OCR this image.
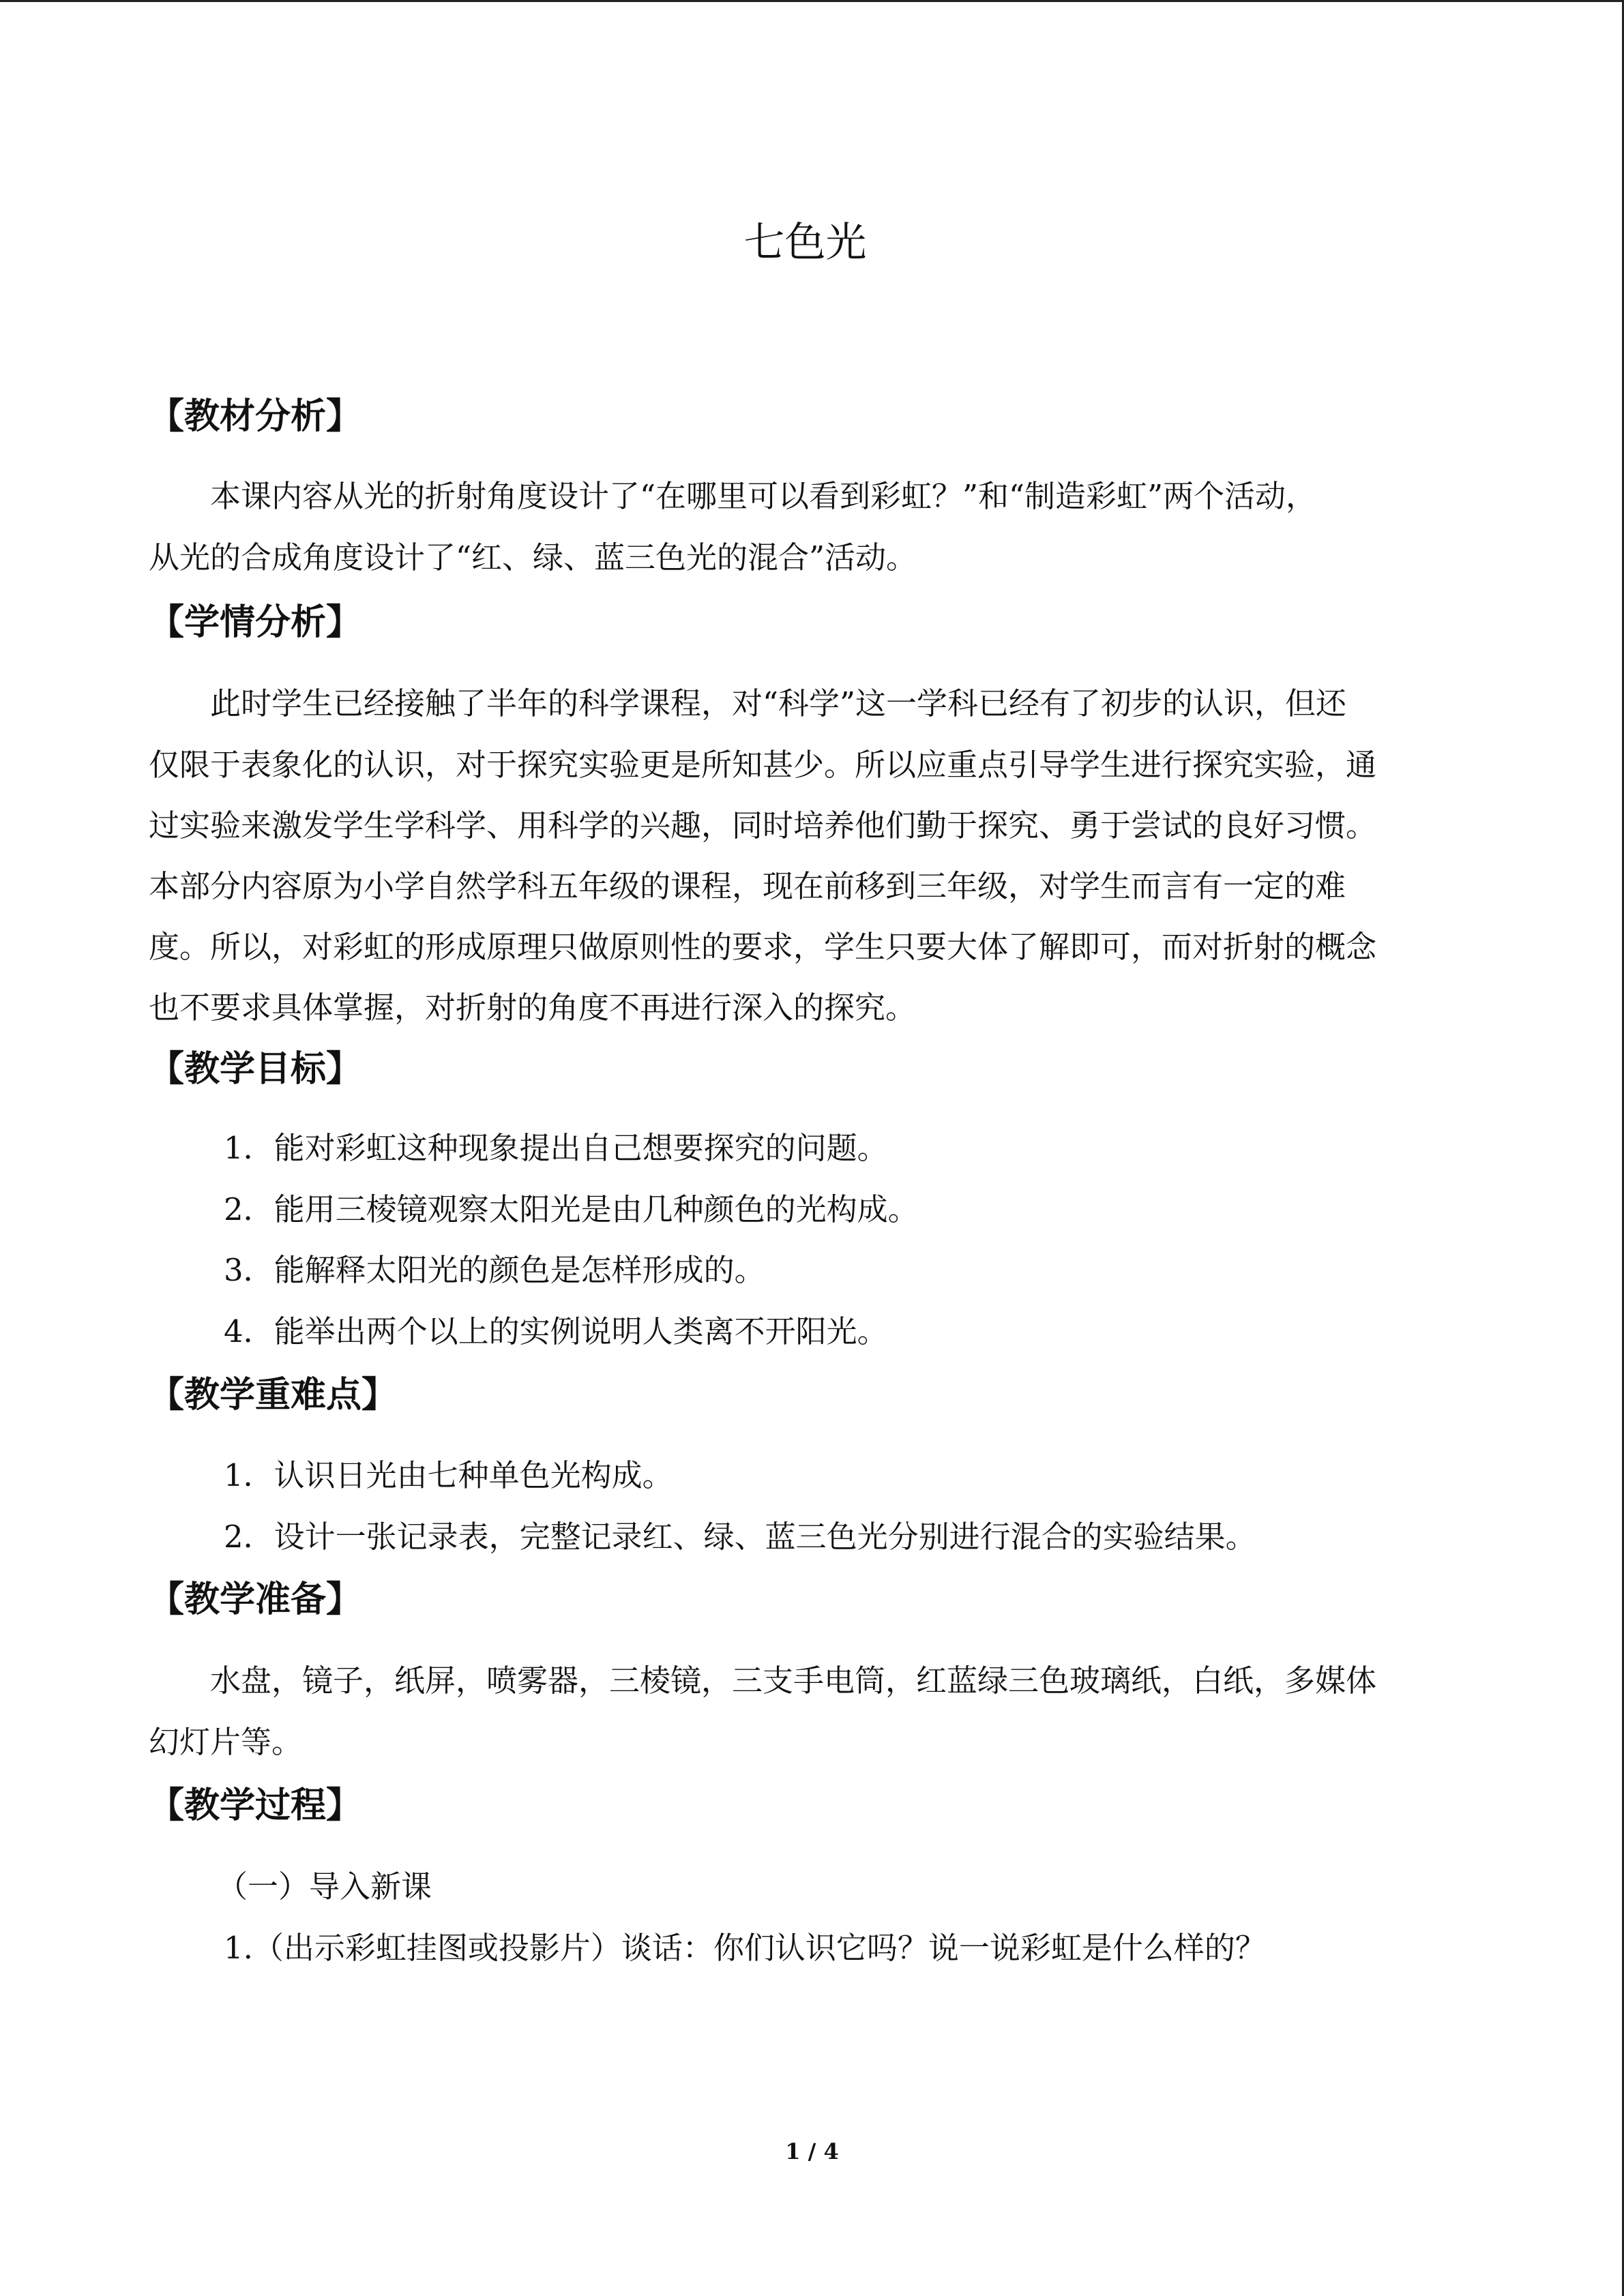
七色光
【教材分析】
本课内容从光的折射角度设计了“在哪里可以看到彩虹？”和“制造彩虹”两个活动，
从光的合成角度设计了“红、绿、蓝三色光的混合”活动。
【学情分析】
此时学生已经接触了半年的科学课程，对“科学”这一学科已经有了初步的认识，但还
仅限于表象化的认识，对于探究实验更是所知甚少。所以应重点引导学生进行探究实验，通
过实验来激发学生学科学、用科学的兴趣，同时培养他们勤于探究、勇于尝试的良好习惯。
本部分内容原为小学自然学科五年级的课程，现在前移到三年级，对学生而言有一定的难
度。所以，对彩虹的形成原理只做原则性的要求，学生只要大体了解即可，而对折射的概念
也不要求具体掌握，对折射的角度不再进行深入的探究。
【教学目标】
1．能对彩虹这种现象提出自己想要探究的问题。
2．能用三棱镜观察太阳光是由几种颜色的光构成。
3．能解释太阳光的颜色是怎样形成的。
4．能举出两个以上的实例说明人类离不开阳光。
【教学重难点】
1．认识日光由七种单色光构成。
2．设计一张记录表，完整记录红、绿、蓝三色光分别进行混合的实验结果。
【教学准备】
水盘，镜子，纸屏，喷雾器，三棱镜，三支手电筒，红蓝绿三色玻璃纸，白纸，多媒体
幻灯片等。
【教学过程】
（一）导入新课
1.（出示彩虹挂图或投影片）谈话：你们认识它吗？说一说彩虹是什么样的？
1 / 4
